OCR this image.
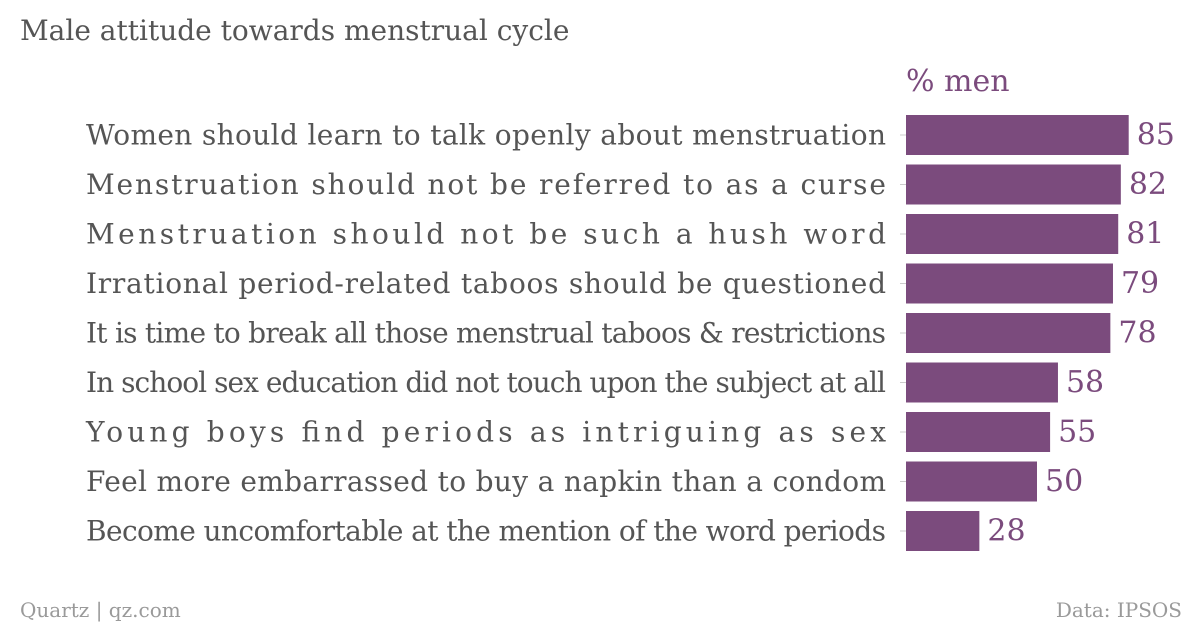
Male attitude towards menstrual cycle
% men
Women should learn to talk openly about menstruation	85
Menstruation should not be referred to as a curse	82
Menstruation should not be such a hush word	81
Irrational period-related taboos should be questioned	79
It is time to break all those menstrual taboos & restrictions	78
In school sex education did not touch upon the subject at all	58
Young boys find periods as intriguing as sex	55
Feel more embarrassed to buy a napkin than a condom	50
Become uncomfortable at the mention of the word periods	28
Quartz | qz.com	Data: IPSOS
